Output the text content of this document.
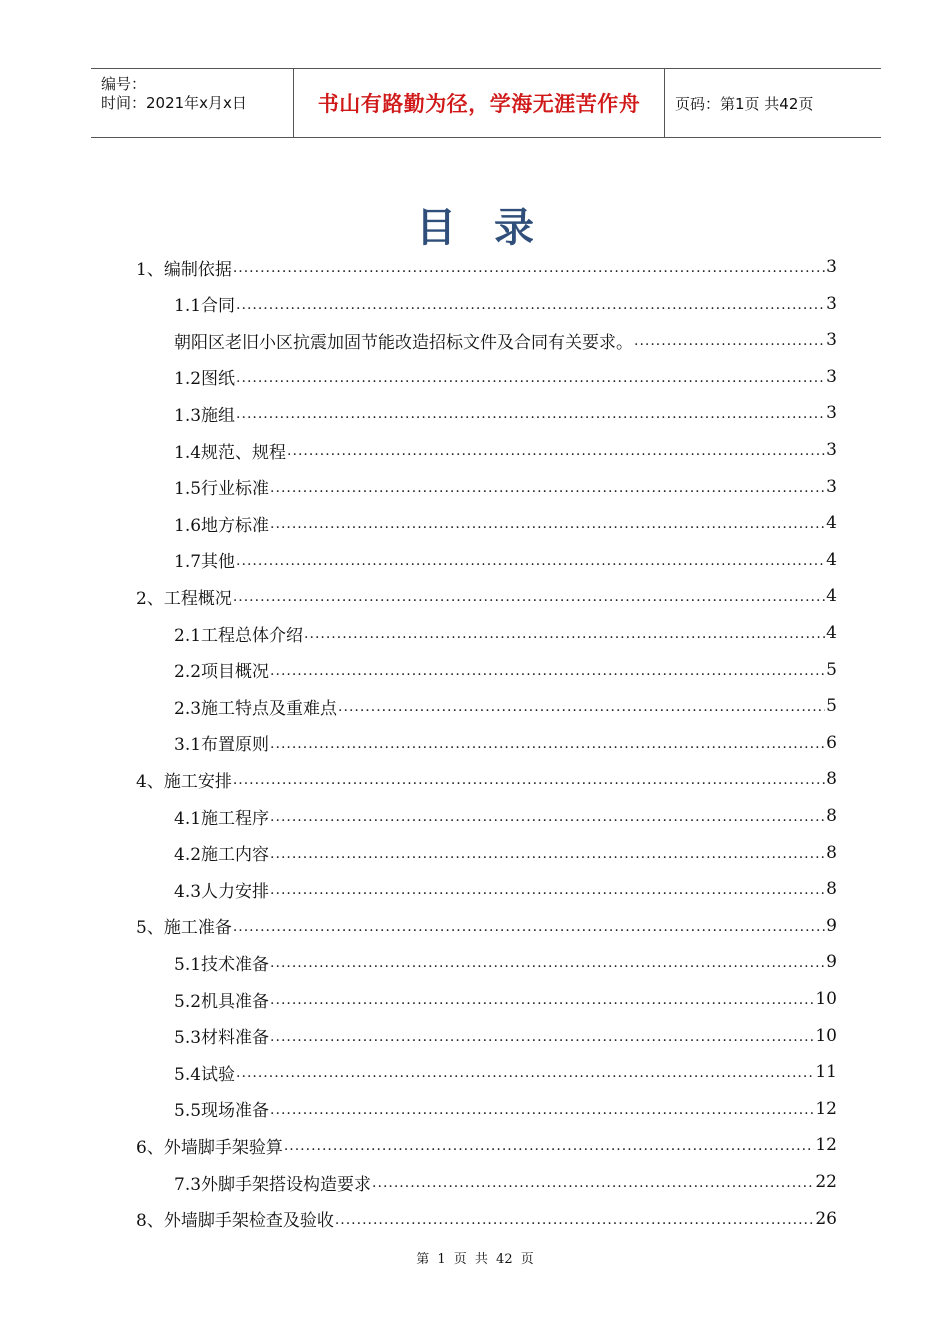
编号：
时间：2021年x月x日	书山有路勤为径，学海无涯苦作舟 页码：第1页 共42页
目录
1、编制依据 .....	3
1.1合同 .....	3
朝阳区老旧小区抗震加固节能改造招标文件及合同有关要求。 .....	3
1.2图纸 .....	3
1.3施组 .....	3
1.4规范、规程 .....	3
1.5行业标准 .....	3
1.6地方标准 .....	4
1.7其他 .....	4
2、工程概况 .....	4
2.1工程总体介绍 .....	4
2.2项目概况 .....	5
2.3施工特点及重难点 .....	5
3.1布置原则 .....	6
4、施工安排 .....	8
4.1施工程序 .....	8
4.2施工内容 .....	8
4.3人力安排 .....	8
5、施工准备 .....	9
5.1技术准备 .....	9
5.2机具准备 .....	10
5.3材料准备 .....	10
5.4试验 .....	11
5.5现场准备 .....	12
6、外墙脚手架验算 .....	12
7.3外脚手架搭设构造要求 .....	22
8、外墙脚手架检查及验收 .....	26
第 1 页 共 42 页
